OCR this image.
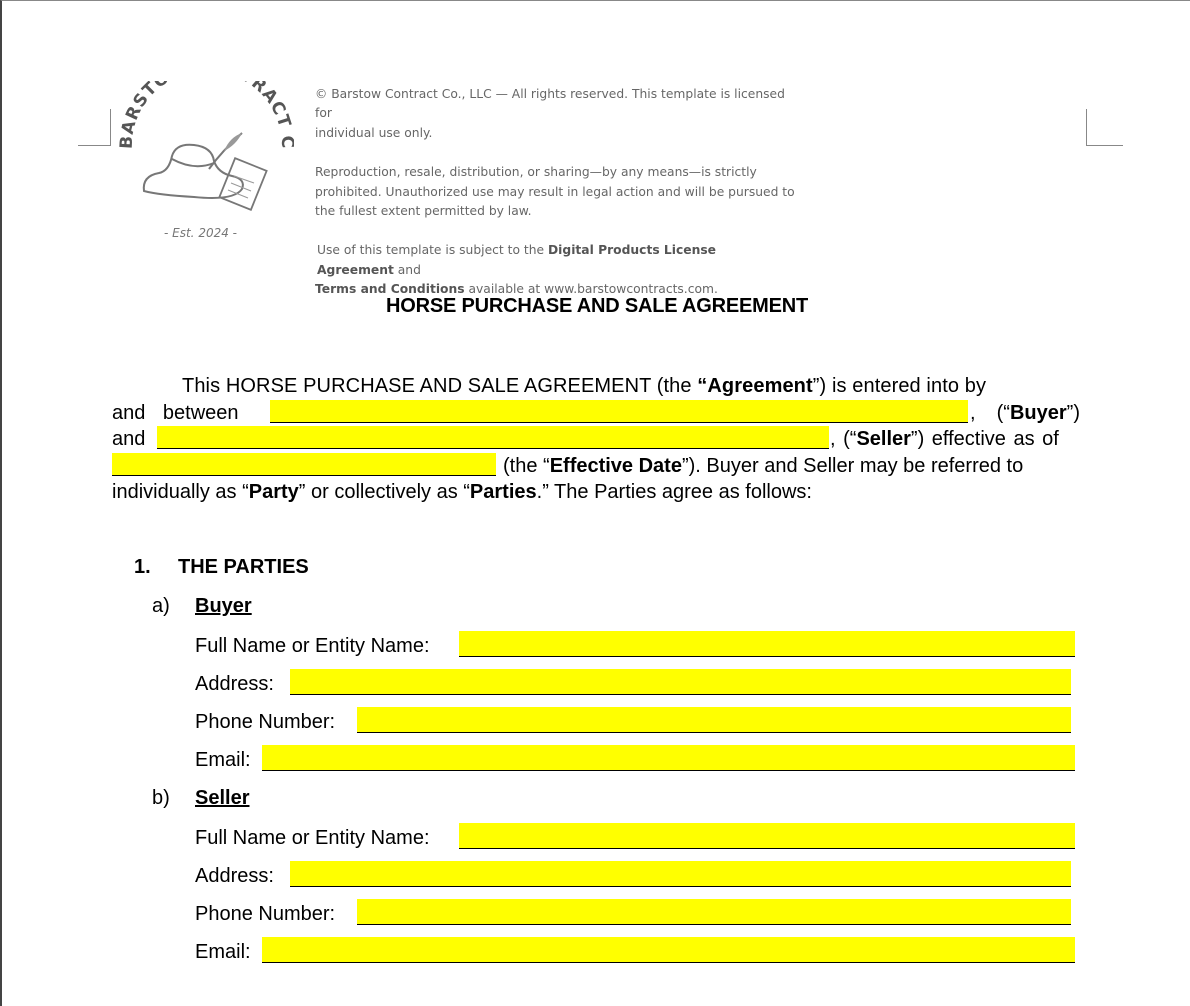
BARST RACT
- Est. 2024 -

© Barstow Contract Co., LLC — All rights reserved. This template is licensed for

individual use only.

Reproduction, resale, distribution, or sharing—by any means—is strictly

prohibited. Unauthorized use may result in legal action and will be pursued to

the fullest extent permitted by law.

Use of this template is subject to the Digital Products License Agreement and

Terms and Conditions available at www.barstowcontracts.com.

HORSE PURCHASE AND SALE AGREEMENT
This HORSE PURCHASE AND SALE AGREEMENT (the “Agreement”) is entered into by
and between	, (“Buyer”)
and	, (“Seller”) effective as of
(the “Effective Date”). Buyer and Seller may be referred to
individually as “Party” or collectively as “Parties.” The Parties agree as follows:
1. THE PARTIES
a) Buyer
Full Name or Entity Name:
Address:
Phone Number:
Email:
b) Seller
Full Name or Entity Name:
Address:
Phone Number:
Email:
